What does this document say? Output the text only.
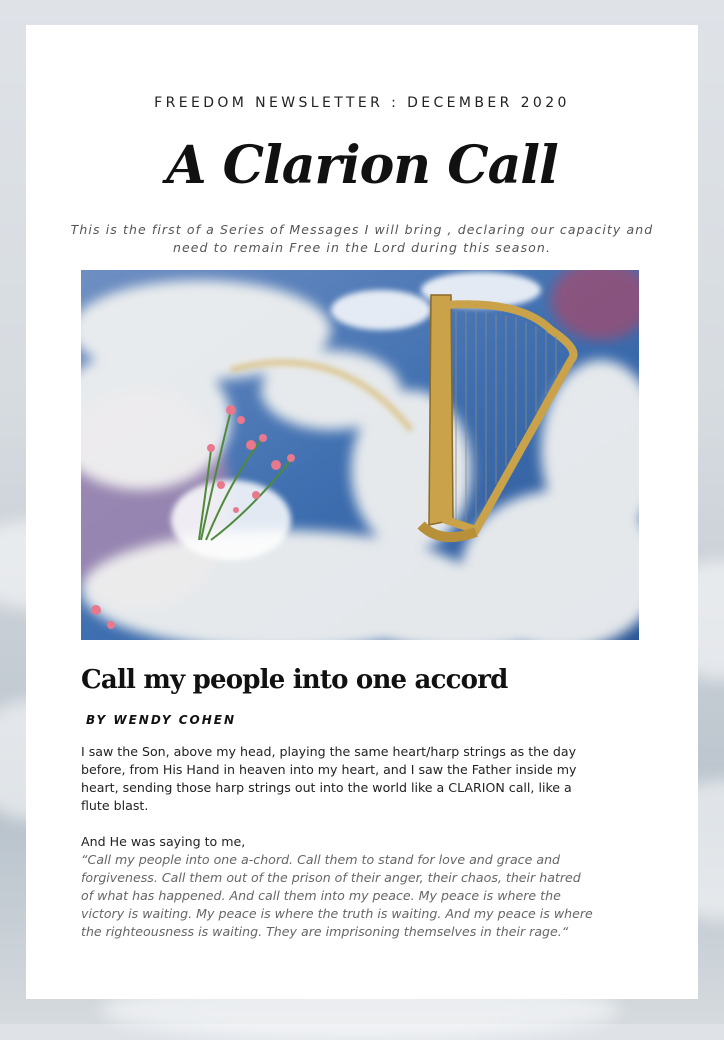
FREEDOM NEWSLETTER : DECEMBER 2020
A Clarion Call
This is the first of a Series of Messages I will bring , declaring our capacity and
need to remain Free in the Lord during this season.
Call my people into one accord
BY WENDY COHEN

I saw the Son, above my head, playing the same heart/harp strings as the day

before, from His Hand in heaven into my heart, and I saw the Father inside my

heart, sending those harp strings out into the world like a CLARION call, like a

flute blast.

And He was saying to me,

“Call my people into one a-chord. Call them to stand for love and grace and

forgiveness. Call them out of the prison of their anger, their chaos, their hatred

of what has happened. And call them into my peace. My peace is where the

victory is waiting. My peace is where the truth is waiting. And my peace is where

the righteousness is waiting. They are imprisoning themselves in their rage.“
